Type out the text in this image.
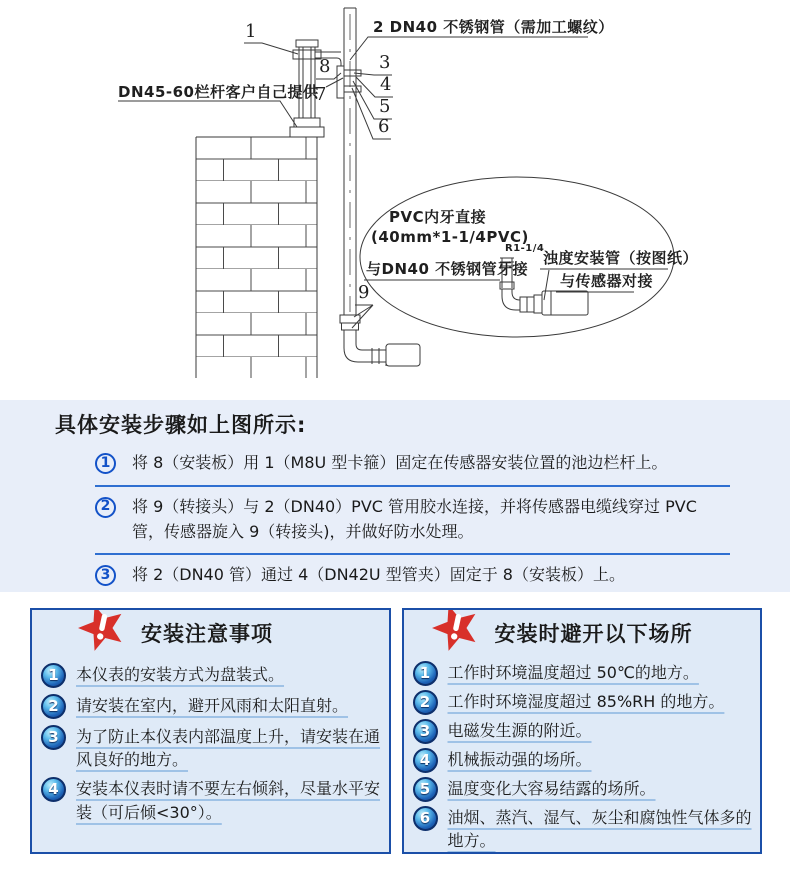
DN45-60栏杆客户自己提供
2 DN40 不锈钢管（需加工螺纹）
1
3
4
5
6
7
8
9
PVC内牙直接
(40mm*1-1/4PVC)
与DN40 不锈钢管牙接
R1-1/4
浊度安装管（按图纸）
与传感器对接
具体安装步骤如上图所示:
1	将 8（安装板）用 1（M8U 型卡箍）固定在传感器安装位置的池边栏杆上。
2	将 9（转接头）与 2（DN40）PVC 管用胶水连接，并将传感器电缆线穿过 PVC 管，传感器旋入 9（转接头)，并做好防水处理。
3	将 2（DN40 管）通过 4（DN42U 型管夹）固定于 8（安装板）上。
安装注意事项
1	本仪表的安装方式为盘装式。
2	请安装在室内，避开风雨和太阳直射。
3	为了防止本仪表内部温度上升，请安装在通风良好的地方。
4	安装本仪表时请不要左右倾斜，尽量水平安装（可后倾<30°）。
安装时避开以下场所
1	工作时环境温度超过 50℃的地方。
2	工作时环境湿度超过 85%RH 的地方。
3	电磁发生源的附近。
4	机械振动强的场所。
5	温度变化大容易结露的场所。
6	油烟、蒸汽、湿气、灰尘和腐蚀性气体多的地方。
